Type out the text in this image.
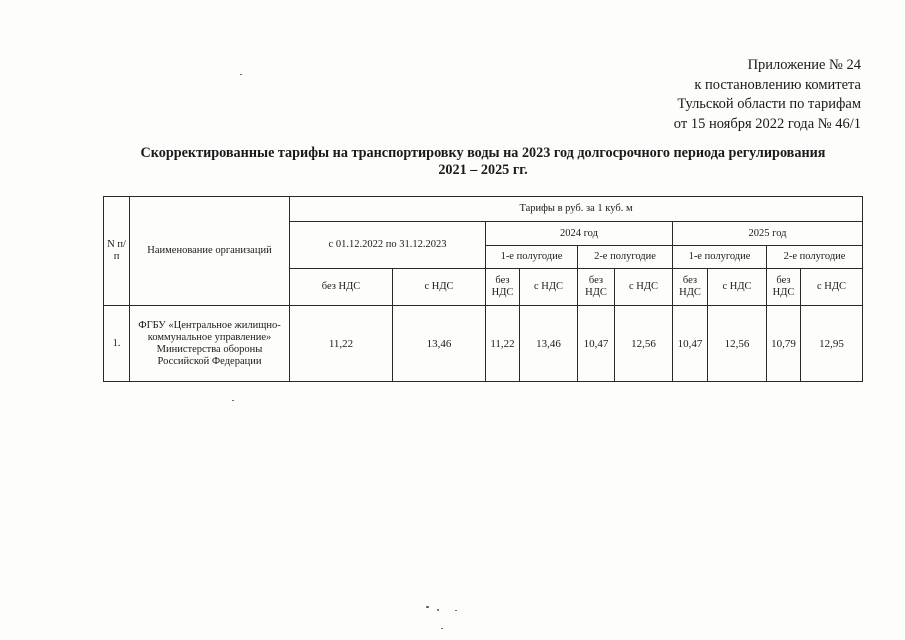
Приложение № 24
к постановлению комитета
Тульской области по тарифам
от 15 ноября 2022 года № 46/1
Скорректированные тарифы на транспортировку воды на 2023 год долгосрочного периода регулирования
2021 – 2025 гг.
N п/п	Наименование организаций	Тарифы в руб. за 1 куб. м									
		с 01.12.2022 по 31.12.2023		2024 год				2025 год			
				1-е полугодие		2-е полугодие		1-е полугодие		2-е полугодие	
		без НДС	с НДС	без НДС	с НДС	без НДС	с НДС	без НДС	с НДС	без НДС	с НДС
1.	ФГБУ «Центральное жилищно-коммунальное управление» Министерства обороны Российской Федерации	11,22	13,46	11,22	13,46	10,47	12,56	10,47	12,56	10,79	12,95
